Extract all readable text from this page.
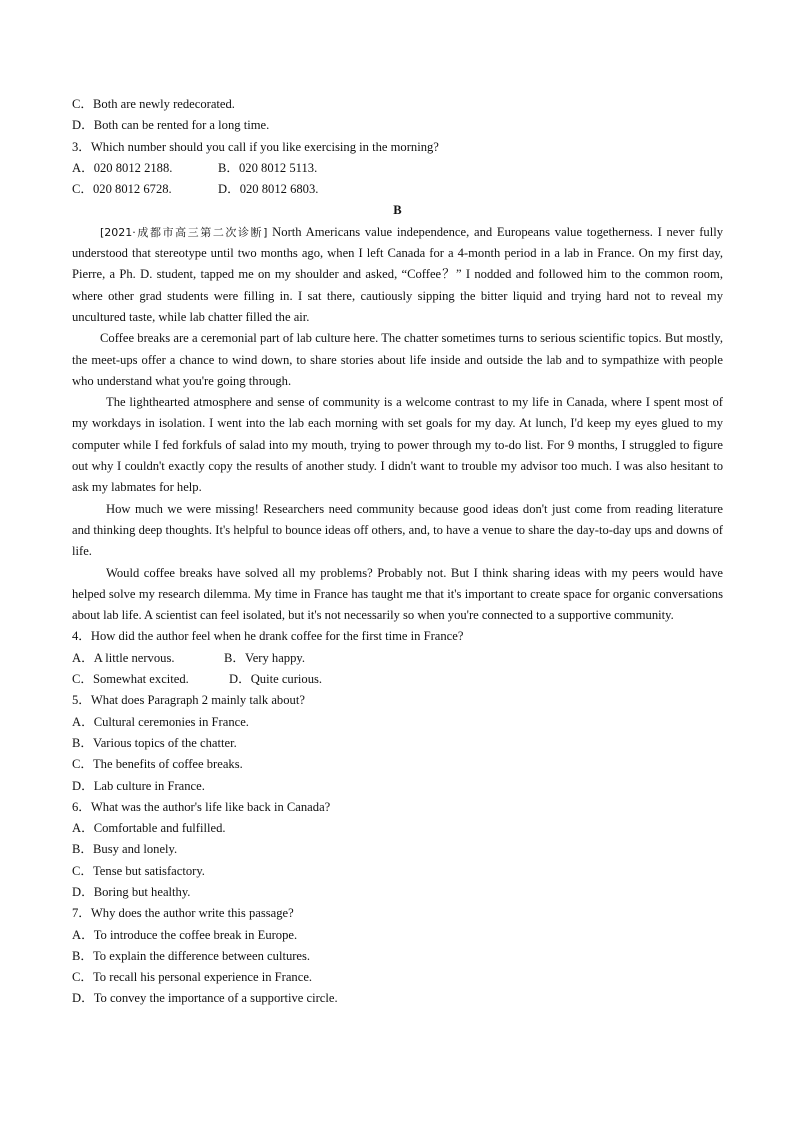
C．Both are newly redecorated.
D．Both can be rented for a long time.
3．Which number should you call if you like exercising in the morning?
A．020 8012 2188.	B．020 8012 5113.
C．020 8012 6728.	D．020 8012 6803.
B
[2021·成都市高三第二次诊断] North Americans value independence, and Europeans value togetherness. I never fully understood that stereotype until two months ago, when I left Canada for a 4-month period in a lab in France. On my first day, Pierre, a Ph. D. student, tapped me on my shoulder and asked, “Coffee？” I nodded and followed him to the common room, where other grad students were filling in. I sat there, cautiously sipping the bitter liquid and trying hard not to reveal my uncultured taste, while lab chatter filled the air.
Coffee breaks are a ceremonial part of lab culture here. The chatter sometimes turns to serious scientific topics. But mostly, the meet-ups offer a chance to wind down, to share stories about life inside and outside the lab and to sympathize with people who understand what you're going through.
The lighthearted atmosphere and sense of community is a welcome contrast to my life in Canada, where I spent most of my workdays in isolation. I went into the lab each morning with set goals for my day. At lunch, I'd keep my eyes glued to my computer while I fed forkfuls of salad into my mouth, trying to power through my to-do list. For 9 months, I struggled to figure out why I couldn't exactly copy the results of another study. I didn't want to trouble my advisor too much. I was also hesitant to ask my labmates for help.
How much we were missing! Researchers need community because good ideas don't just come from reading literature and thinking deep thoughts. It's helpful to bounce ideas off others, and, to have a venue to share the day-to-day ups and downs of life.
Would coffee breaks have solved all my problems? Probably not. But I think sharing ideas with my peers would have helped solve my research dilemma. My time in France has taught me that it's important to create space for organic conversations about lab life. A scientist can feel isolated, but it's not necessarily so when you're connected to a supportive community.
4．How did the author feel when he drank coffee for the first time in France?
A．A little nervous.	B．Very happy.
C．Somewhat excited.	D．Quite curious.
5．What does Paragraph 2 mainly talk about?
A．Cultural ceremonies in France.
B．Various topics of the chatter.
C．The benefits of coffee breaks.
D．Lab culture in France.
6．What was the author's life like back in Canada?
A．Comfortable and fulfilled.
B．Busy and lonely.
C．Tense but satisfactory.
D．Boring but healthy.
7．Why does the author write this passage?
A．To introduce the coffee break in Europe.
B．To explain the difference between cultures.
C．To recall his personal experience in France.
D．To convey the importance of a supportive circle.
